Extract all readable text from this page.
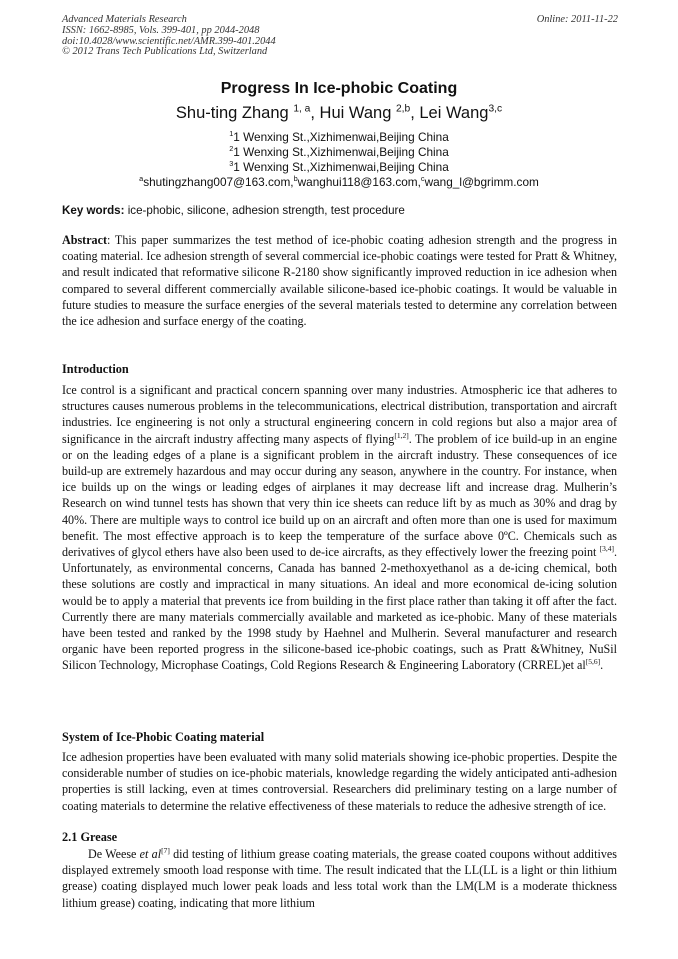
Advanced Materials Research
ISSN: 1662-8985, Vols. 399-401, pp 2044-2048
doi:10.4028/www.scientific.net/AMR.399-401.2044
© 2012 Trans Tech Publications Ltd, Switzerland
Online: 2011-11-22
Progress In Ice-phobic Coating
Shu-ting Zhang $^{1, a}$, Hui Wang $^{2,b}$, Lei Wang$^{3,c}$
$^1$1 Wenxing St.,Xizhimenwai,Beijing China
$^2$1 Wenxing St.,Xizhimenwai,Beijing China
$^3$1 Wenxing St.,Xizhimenwai,Beijing China
$^a$shutingzhang007@163.com,$^b$wanghui118@163.com,$^c$wang_l@bgrimm.com
Key words: ice-phobic, silicone, adhesion strength, test procedure

Abstract: This paper summarizes the test method of ice-phobic coating adhesion strength and the progress in coating material. Ice adhesion strength of several commercial ice-phobic coatings were tested for Pratt & Whitney, and result indicated that reformative silicone R-2180 show significantly improved reduction in ice adhesion when compared to several different commercially available silicone-based ice-phobic coatings. It would be valuable in future studies to measure the surface energies of the several materials tested to determine any correlation between the ice adhesion and surface energy of the coating.

Introduction

Ice control is a significant and practical concern spanning over many industries. Atmospheric ice that adheres to structures causes numerous problems in the telecommunications, electrical distribution, transportation and aircraft industries. Ice engineering is not only a structural engineering concern in cold regions but also a major area of significance in the aircraft industry affecting many aspects of flying[1,2]. The problem of ice build-up in an engine or on the leading edges of a plane is a significant problem in the aircraft industry. These consequences of ice build-up are extremely hazardous and may occur during any season, anywhere in the country. For instance, when ice builds up on the wings or leading edges of airplanes it may decrease lift and increase drag. Mulherin’s Research on wind tunnel tests has shown that very thin ice sheets can reduce lift by as much as 30% and drag by 40%. There are multiple ways to control ice build up on an aircraft and often more than one is used for maximum benefit. The most effective approach is to keep the temperature of the surface above 0ºC. Chemicals such as derivatives of glycol ethers have also been used to de-ice aircrafts, as they effectively lower the freezing point [3,4]. Unfortunately, as environmental concerns, Canada has banned 2-methoxyethanol as a de-icing chemical, both these solutions are costly and impractical in many situations. An ideal and more economical de-icing solution would be to apply a material that prevents ice from building in the first place rather than taking it off after the fact. Currently there are many materials commercially available and marketed as ice-phobic. Many of these materials have been tested and ranked by the 1998 study by Haehnel and Mulherin. Several manufacturer and research organic have been reported progress in the silicone-based ice-phobic coatings, such as Pratt &Whitney, NuSil Silicon Technology, Microphase Coatings, Cold Regions Research & Engineering Laboratory (CRREL)et al[5,6].

System of Ice-Phobic Coating material

Ice adhesion properties have been evaluated with many solid materials showing ice-phobic properties. Despite the considerable number of studies on ice-phobic materials, knowledge regarding the widely anticipated anti-adhesion properties is still lacking, even at times controversial. Researchers did preliminary testing on a large number of coating materials to determine the relative effectiveness of these materials to reduce the adhesive strength of ice.

2.1 Grease

De Weese et al[7] did testing of lithium grease coating materials, the grease coated coupons without additives displayed extremely smooth load response with time. The result indicated that the LL(LL is a light or thin lithium grease) coating displayed much lower peak loads and less total work than the LM(LM is a moderate thickness lithium grease) coating, indicating that more lithium
